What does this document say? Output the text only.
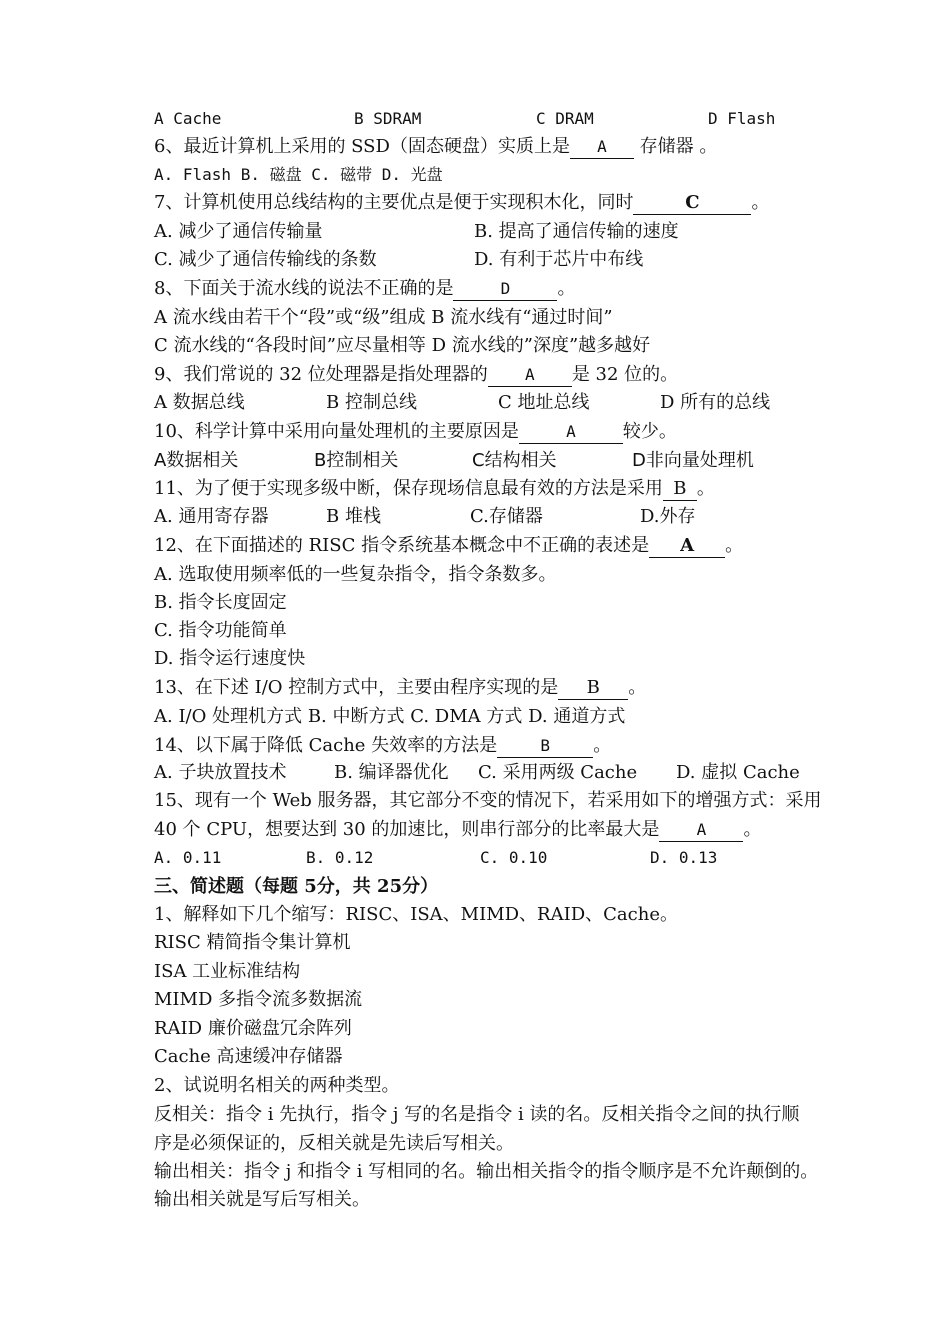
A Cache	B SDRAM	C DRAM	D Flash
6、最近计算机上采用的 SSD（固态硬盘）实质上是 A 存储器 。
A. Flash B. 磁盘 C. 磁带 D. 光盘
7、计算机使用总线结构的主要优点是便于实现积木化，同时	C	。
A. 减少了通信传输量	B. 提高了通信传输的速度
C. 减少了通信传输线的条数	D. 有利于芯片中布线
8、下面关于流水线的说法不正确的是	D	。
A 流水线由若干个“段”或“级”组成 B 流水线有“通过时间”
C 流水线的“各段时间”应尽量相等 D 流水线的”深度”越多越好
9、我们常说的 32 位处理器是指处理器的 A 是 32 位的。
A 数据总线	B 控制总线	C 地址总线	D 所有的总线
10、科学计算中采用向量处理机的主要原因是	A	较少。
A数据相关	B控制相关	C结构相关	D非向量处理机
11、为了便于实现多级中断，保存现场信息最有效的方法是采用 B 。
A. 通用寄存器	B 堆栈	C.存储器	D.外存
12、在下面描述的 RISC 指令系统基本概念中不正确的表述是 A 。
A. 选取使用频率低的一些复杂指令，指令条数多。
B. 指令长度固定
C. 指令功能简单
D. 指令运行速度快
13、在下述 I/O 控制方式中，主要由程序实现的是 B 。
A. I/O 处理机方式 B. 中断方式 C. DMA 方式 D. 通道方式
14、以下属于降低 Cache 失效率的方法是	B 。
A. 子块放置技术	B. 编译器优化 C. 采用两级 Cache D. 虚拟 Cache
15、现有一个 Web 服务器，其它部分不变的情况下，若采用如下的增强方式：采用
40 个 CPU，想要达到 30 的加速比，则串行部分的比率最大是 A 。
A. 0.11	B. 0.12	C. 0.10	D. 0.13
三、简述题（每题 5分，共 25分）
1、解释如下几个缩写：RISC、ISA、MIMD、RAID、Cache。
RISC 精简指令集计算机
ISA 工业标准结构
MIMD 多指令流多数据流
RAID 廉价磁盘冗余阵列
Cache 高速缓冲存储器
2、试说明名相关的两种类型。
反相关：指令 i 先执行，指令 j 写的名是指令 i 读的名。反相关指令之间的执行顺
序是必须保证的，反相关就是先读后写相关。
输出相关：指令 j 和指令 i 写相同的名。输出相关指令的指令顺序是不允许颠倒的。
输出相关就是写后写相关。
